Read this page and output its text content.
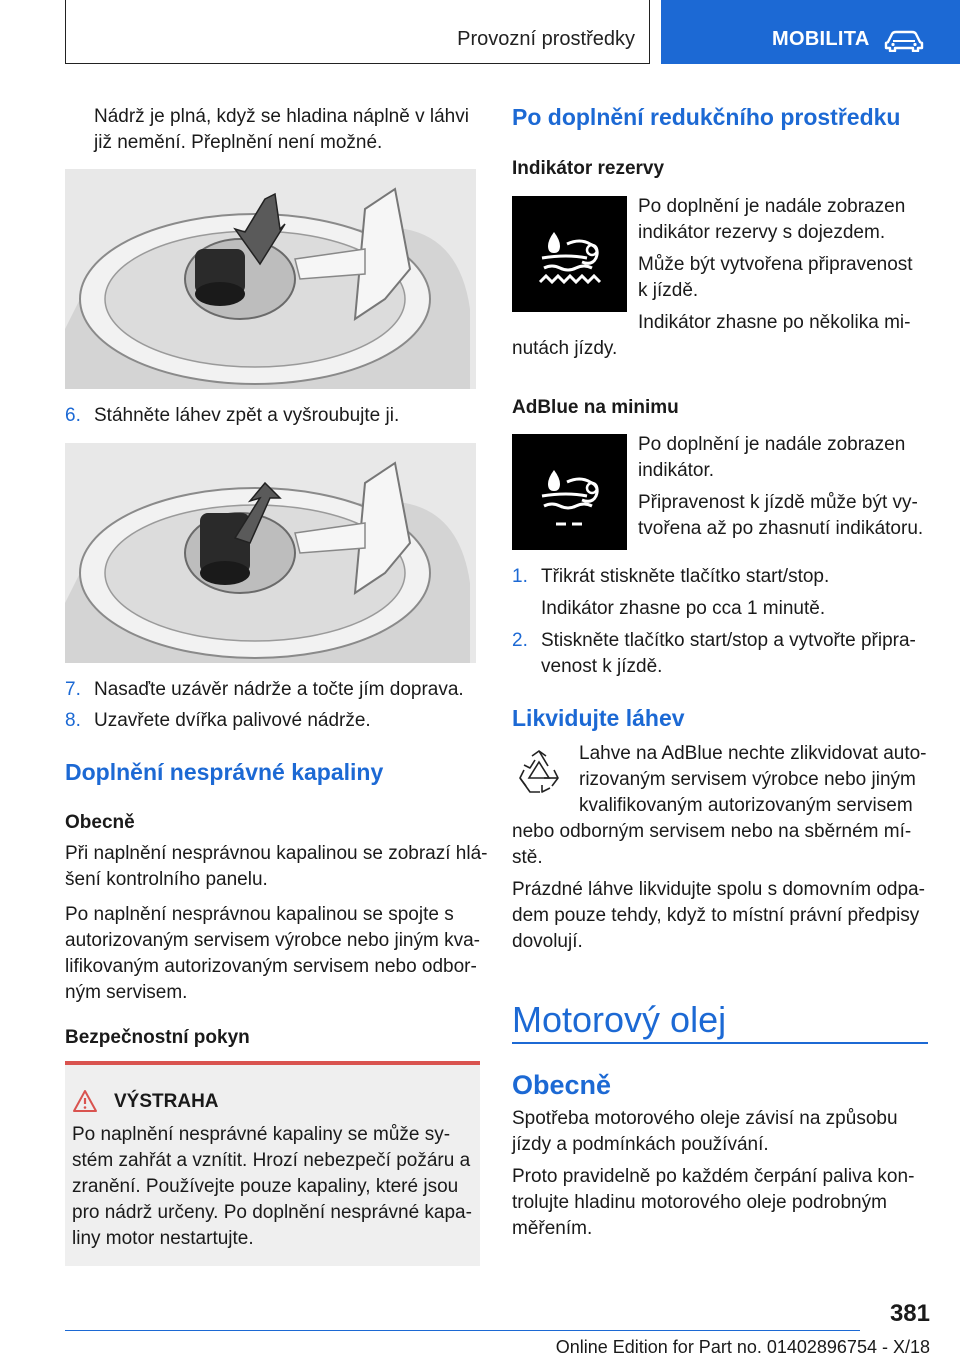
Provozní prostředky	MOBILITA
Nádrž je plná, když se hladina náplně v láhvi
již nemění. Přeplnění není možné.
6. Stáhněte láhev zpět a vyšroubujte ji.
7. Nasaďte uzávěr nádrže a točte jím doprava.
8. Uzavřete dvířka palivové nádrže.
Doplnění nesprávné kapaliny
Obecně
Při naplnění nesprávnou kapalinou se zobrazí hlá-
šení kontrolního panelu.
Po naplnění nesprávnou kapalinou se spojte s
autorizovaným servisem výrobce nebo jiným kva-
lifikovaným autorizovaným servisem nebo odbor-
ným servisem.
Bezpečnostní pokyn
VÝSTRAHA
Po naplnění nesprávné kapaliny se může sy-
stém zahřát a vznítit. Hrozí nebezpečí požáru a
zranění. Používejte pouze kapaliny, které jsou
pro nádrž určeny. Po doplnění nesprávné kapa-
liny motor nestartujte.
Po doplnění redukčního prostředku
Indikátor rezervy
Po doplnění je nadále zobrazen
indikátor rezervy s dojezdem.
Může být vytvořena připravenost
k jízdě.
Indikátor zhasne po několika mi-
nutách jízdy.
AdBlue na minimu
Po doplnění je nadále zobrazen
indikátor.
Připravenost k jízdě může být vy-
tvořena až po zhasnutí indikátoru.
1. Třikrát stiskněte tlačítko start/stop.
Indikátor zhasne po cca 1 minutě.
2. Stiskněte tlačítko start/stop a vytvořte připra-
venost k jízdě.
Likvidujte láhev
Lahve na AdBlue nechte zlikvidovat auto-
rizovaným servisem výrobce nebo jiným
kvalifikovaným autorizovaným servisem
nebo odborným servisem nebo na sběrném mí-
stě.
Prázdné láhve likvidujte spolu s domovním odpa-
dem pouze tehdy, když to místní právní předpisy
dovolují.
Motorový olej
Obecně
Spotřeba motorového oleje závisí na způsobu
jízdy a podmínkách používání.
Proto pravidelně po každém čerpání paliva kon-
trolujte hladinu motorového oleje podrobným
měřením.
381
Online Edition for Part no. 01402896754 - X/18
